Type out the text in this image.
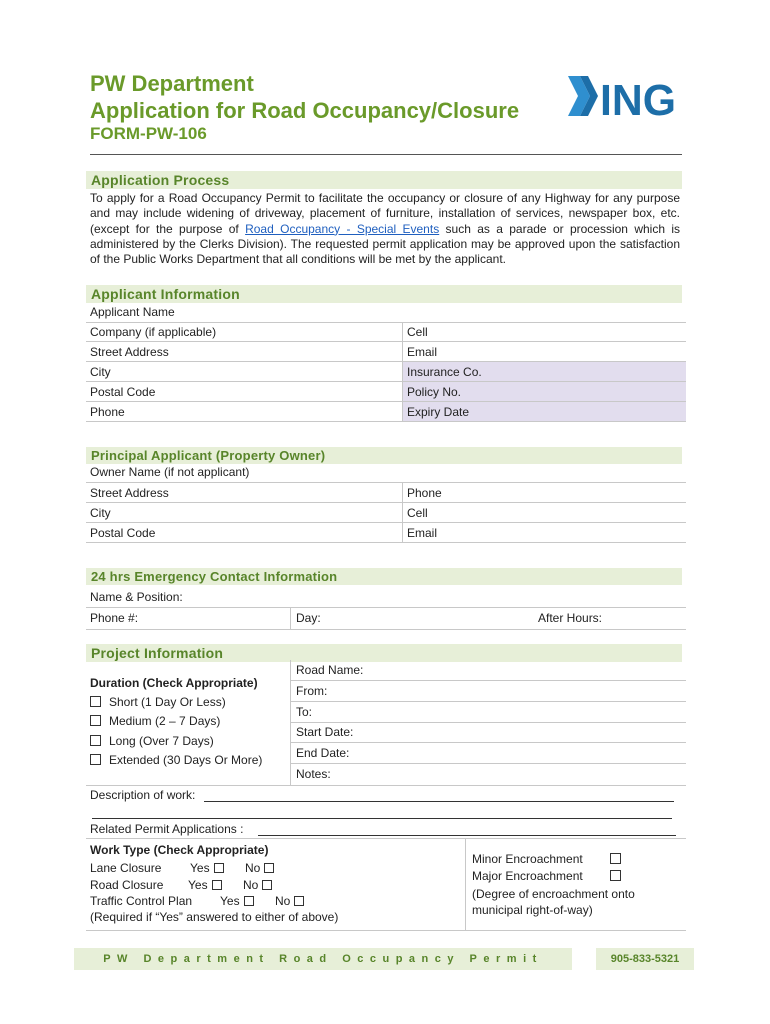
PW Department
Application for Road Occupancy/Closure
FORM-PW-106
ING
Application Process
To apply for a Road Occupancy Permit to facilitate the occupancy or closure of any Highway for any purpose and may include widening of driveway, placement of furniture, installation of services, newspaper box, etc. (except for the purpose of Road Occupancy - Special Events such as a parade or procession which is administered by the Clerks Division). The requested permit application may be approved upon the satisfaction of the Public Works Department that all conditions will be met by the applicant.
Applicant Information
Applicant Name
Company (if applicable)	Cell
Street Address	Email
City	Insurance Co.
Postal Code	Policy No.
Phone	Expiry Date
Principal Applicant (Property Owner)
Owner Name (if not applicant)
Street Address	Phone
City	Cell
Postal Code	Email
24 hrs Emergency Contact Information
Name & Position:
Phone #:	Day:	After Hours:
Project Information
Duration (Check Appropriate)
Short (1 Day Or Less)
Medium (2 – 7 Days)
Long (Over 7 Days)
Extended (30 Days Or More)
Road Name:
From:
To:
Start Date:
End Date:
Notes:
Description of work:
Related Permit Applications :
Work Type (Check Appropriate)
Lane Closure Yes	No
Road Closure Yes	No
Traffic Control Plan Yes	No
(Required if “Yes” answered to either of above)
Minor Encroachment
Major Encroachment
(Degree of encroachment onto
municipal right-of-way)
PW Department Road Occupancy Permit	905-833-5321
